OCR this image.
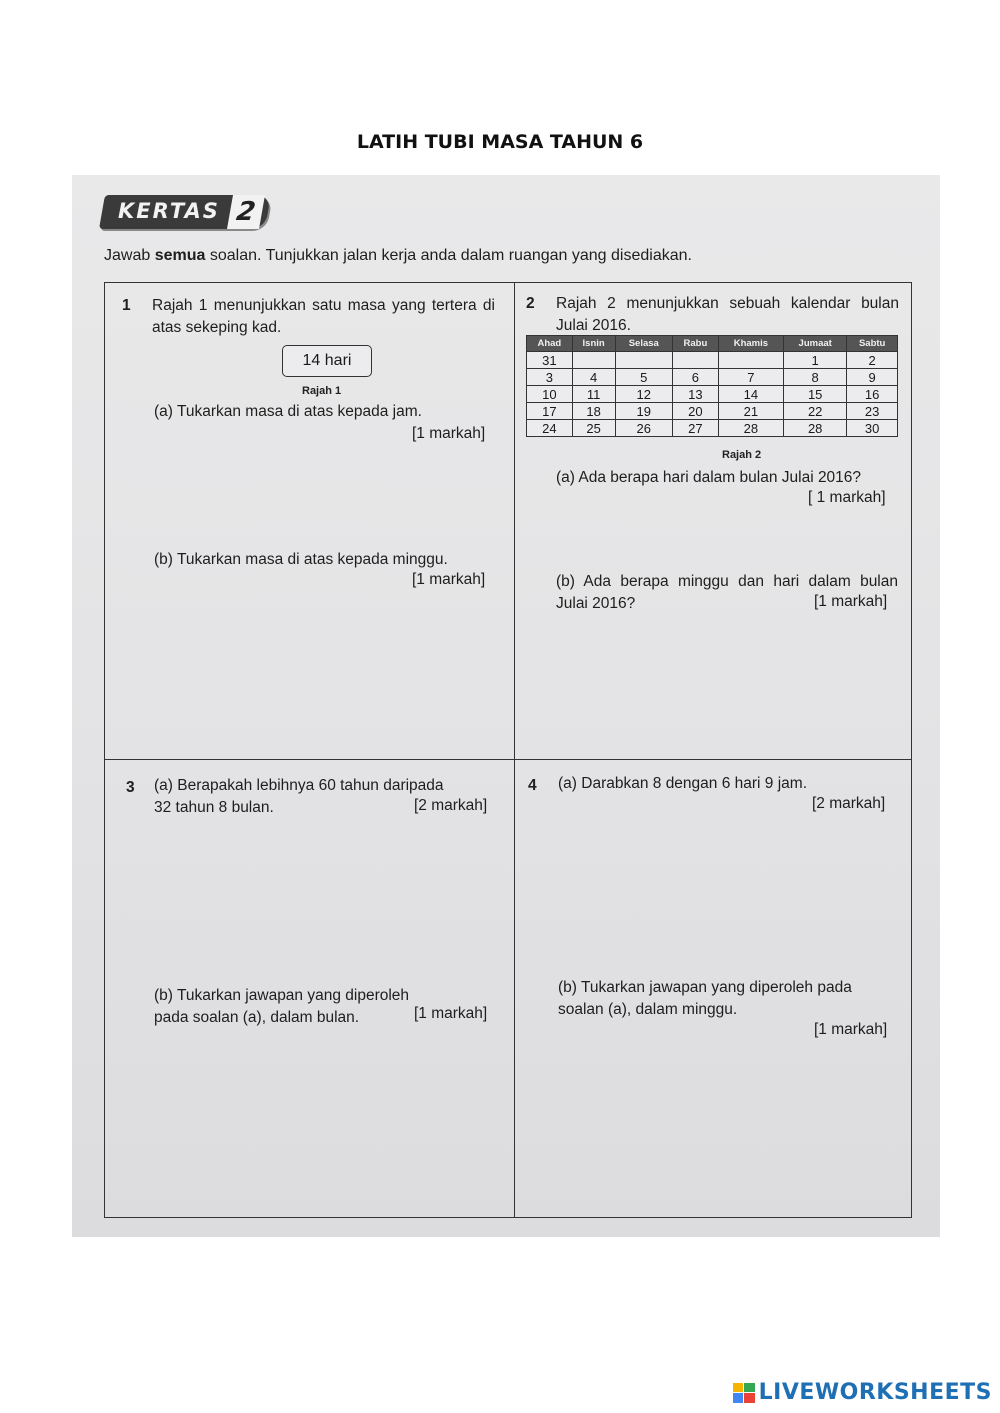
LATIH TUBI MASA TAHUN 6
KERTAS 2
Jawab semua soalan. Tunjukkan jalan kerja anda dalam ruangan yang disediakan.
1 Rajah 1 menunjukkan satu masa yang tertera di atas sekeping kad.
14 hari
Rajah 1
(a) Tukarkan masa di atas kepada jam.
[1 markah]
(b) Tukarkan masa di atas kepada minggu.
[1 markah]
2 Rajah 2 menunjukkan sebuah kalendar bulan Julai 2016.
Ahad	Isnin	Selasa	Rabu	Khamis	Jumaat	Sabtu
31					1	2
3	4	5	6	7	8	9
10	11	12	13	14	15	16
17	18	19	20	21	22	23
24	25	26	27	28	28	30
Rajah 2
(a) Ada berapa hari dalam bulan Julai 2016?
[ 1 markah]
(b) Ada berapa minggu dan hari dalam bulan Julai 2016?	[1 markah]
3 (a) Berapakah lebihnya 60 tahun daripada 32 tahun 8 bulan.	[2 markah]
(b) Tukarkan jawapan yang diperoleh pada soalan (a), dalam bulan.	[1 markah]
4 (a) Darabkan 8 dengan 6 hari 9 jam.
[2 markah]
(b) Tukarkan jawapan yang diperoleh pada soalan (a), dalam minggu.
[1 markah]
LIVEWORKSHEETS
